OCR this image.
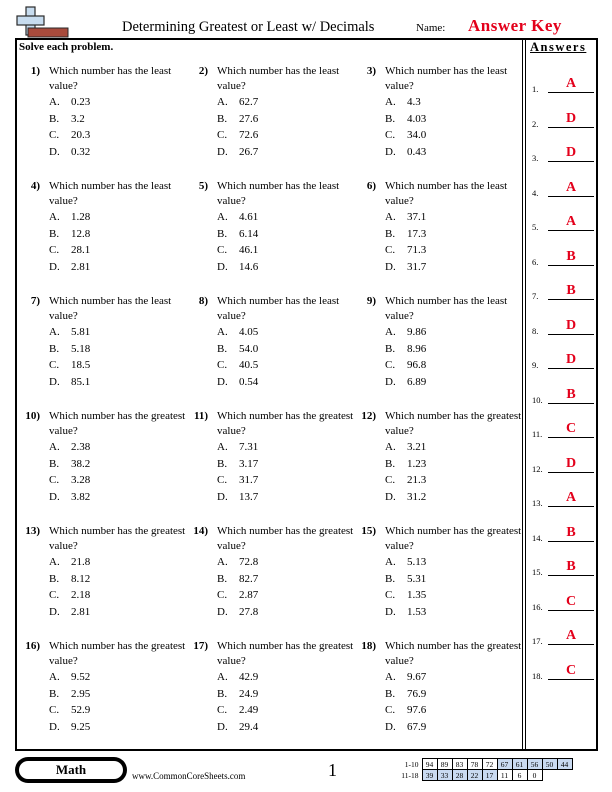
Determining Greatest or Least w/ Decimals	Name: Answer Key
Solve each problem.
1) Which number has the least value?
A. 0.23
B. 3.2
C. 20.3
D. 0.32
2) Which number has the least value?
A. 62.7
B. 27.6
C. 72.6
D. 26.7
3) Which number has the least value?
A. 4.3
B. 4.03
C. 34.0
D. 0.43
4) Which number has the least value?
A. 1.28
B. 12.8
C. 28.1
D. 2.81
5) Which number has the least value?
A. 4.61
B. 6.14
C. 46.1
D. 14.6
6) Which number has the least value?
A. 37.1
B. 17.3
C. 71.3
D. 31.7
7) Which number has the least value?
A. 5.81
B. 5.18
C. 18.5
D. 85.1
8) Which number has the least value?
A. 4.05
B. 54.0
C. 40.5
D. 0.54
9) Which number has the least value?
A. 9.86
B. 8.96
C. 96.8
D. 6.89
10) Which number has the greatest value?
A. 2.38
B. 38.2
C. 3.28
D. 3.82
11) Which number has the greatest value?
A. 7.31
B. 3.17
C. 31.7
D. 13.7
12) Which number has the greatest value?
A. 3.21
B. 1.23
C. 21.3
D. 31.2
13) Which number has the greatest value?
A. 21.8
B. 8.12
C. 2.18
D. 2.81
14) Which number has the greatest value?
A. 72.8
B. 82.7
C. 2.87
D. 27.8
15) Which number has the greatest value?
A. 5.13
B. 5.31
C. 1.35
D. 1.53
16) Which number has the greatest value?
A. 9.52
B. 2.95
C. 52.9
D. 9.25
17) Which number has the greatest value?
A. 42.9
B. 24.9
C. 2.49
D. 29.4
18) Which number has the greatest value?
A. 9.67
B. 76.9
C. 97.6
D. 67.9
Answers
1.	A
2.	D
3.	D
4.	A
5.	A
6.	B
7.	B
8.	D
9.	D
10.	B
11.	C
12.	D
13.	A
14.	B
15.	B
16.	C
17.	A
18.	C
Math	www.CommonCoreSheets.com	1	1-10	94	89	83	78	72	67	61	56	50	44
11-18	39	33	28	22	17	11	6	0		
